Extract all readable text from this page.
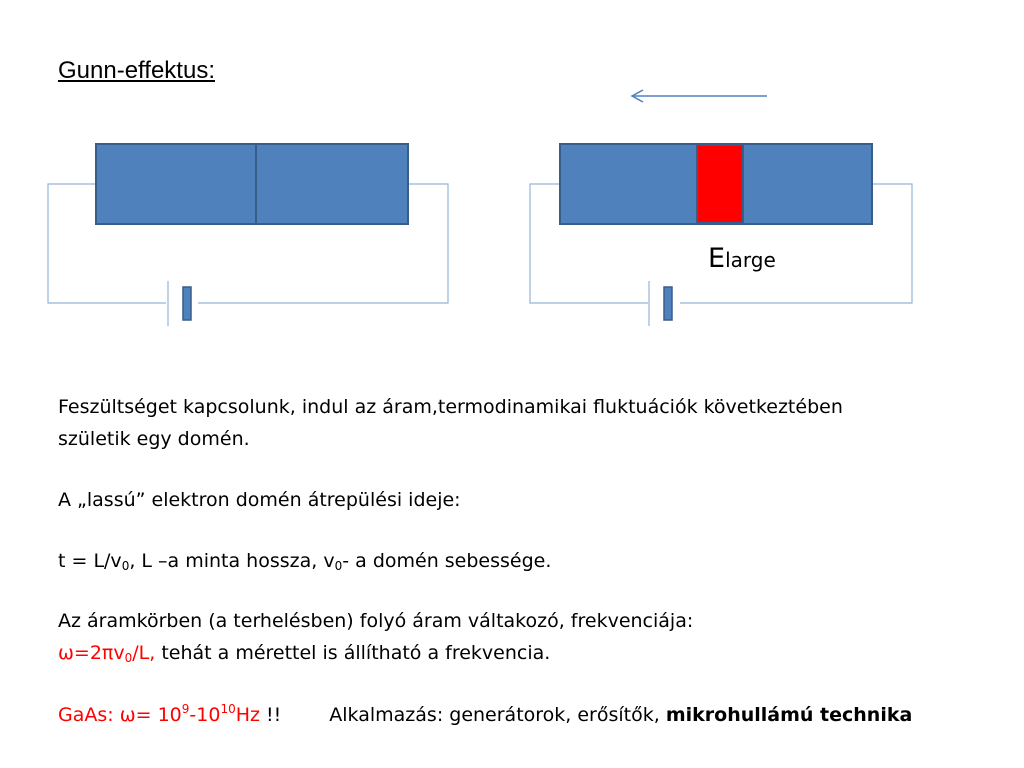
Gunn-effektus:
Elarge
Feszültséget kapcsolunk, indul az áram,termodinamikai fluktuációk következtében
születik egy domén.
A „lassú” elektron domén átrepülési ideje:
$t = L/v_0$, L –a minta hossza, $v_0-$ a domén sebessége.
Az áramkörben (a terhelésben) folyó áram váltakozó, frekvenciája:
$\omega=2\pi v_0/L$, tehát a mérettel is állítható a frekvencia.
GaAs: $\omega= 10^9-10^{10}Hz$ !!	Alkalmazás: generátorok, erősítők, mikrohullámú technika
